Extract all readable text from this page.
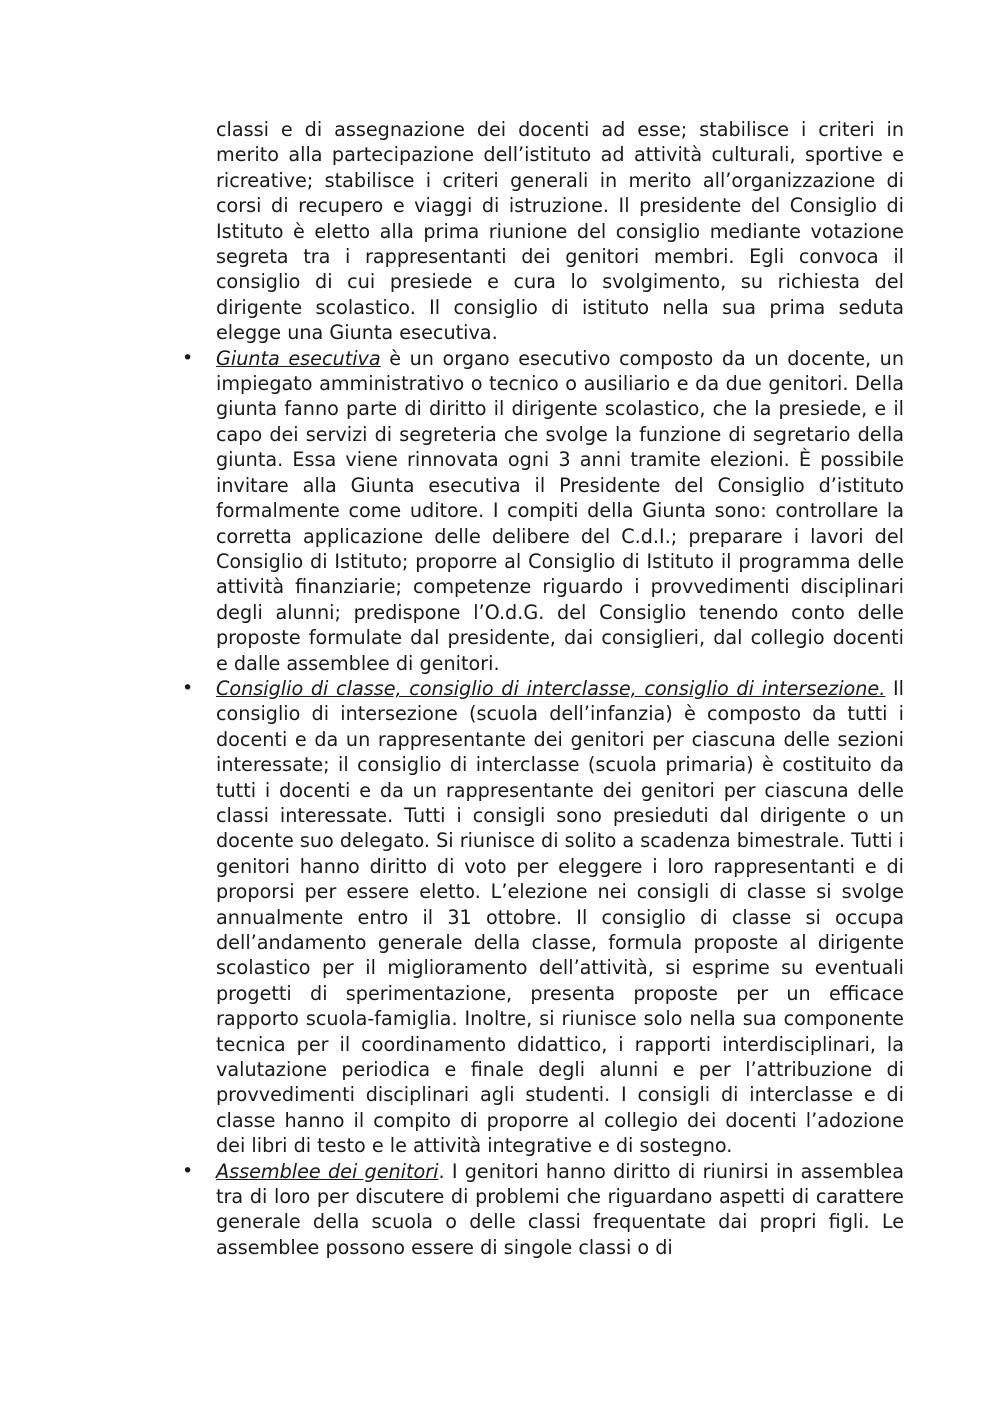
classi e di assegnazione dei docenti ad esse; stabilisce i criteri in merito alla partecipazione dell’istituto ad attività culturali, sportive e ricreative; stabilisce i criteri generali in merito all’organizzazione di corsi di recupero e viaggi di istruzione. Il presidente del Consiglio di Istituto è eletto alla prima riunione del consiglio mediante votazione segreta tra i rappresentanti dei genitori membri. Egli convoca il consiglio di cui presiede e cura lo svolgimento, su richiesta del dirigente scolastico. Il consiglio di istituto nella sua prima seduta elegge una Giunta esecutiva.

• Giunta esecutiva è un organo esecutivo composto da un docente, un impiegato amministrativo o tecnico o ausiliario e da due genitori. Della giunta fanno parte di diritto il dirigente scolastico, che la presiede, e il capo dei servizi di segreteria che svolge la funzione di segretario della giunta. Essa viene rinnovata ogni 3 anni tramite elezioni. È possibile invitare alla Giunta esecutiva il Presidente del Consiglio d’istituto formalmente come uditore. I compiti della Giunta sono: controllare la corretta applicazione delle delibere del C.d.I.; preparare i lavori del Consiglio di Istituto; proporre al Consiglio di Istituto il programma delle attività finanziarie; competenze riguardo i provvedimenti disciplinari degli alunni; predispone l’O.d.G. del Consiglio tenendo conto delle proposte formulate dal presidente, dai consiglieri, dal collegio docenti e dalle assemblee di genitori.

• Consiglio di classe, consiglio di interclasse, consiglio di intersezione. Il consiglio di intersezione (scuola dell’infanzia) è composto da tutti i docenti e da un rappresentante dei genitori per ciascuna delle sezioni interessate; il consiglio di interclasse (scuola primaria) è costituito da tutti i docenti e da un rappresentante dei genitori per ciascuna delle classi interessate. Tutti i consigli sono presieduti dal dirigente o un docente suo delegato. Si riunisce di solito a scadenza bimestrale. Tutti i genitori hanno diritto di voto per eleggere i loro rappresentanti e di proporsi per essere eletto. L’elezione nei consigli di classe si svolge annualmente entro il 31 ottobre. Il consiglio di classe si occupa dell’andamento generale della classe, formula proposte al dirigente scolastico per il miglioramento dell’attività, si esprime su eventuali progetti di sperimentazione, presenta proposte per un efficace rapporto scuola-famiglia. Inoltre, si riunisce solo nella sua componente tecnica per il coordinamento didattico, i rapporti interdisciplinari, la valutazione periodica e finale degli alunni e per l’attribuzione di provvedimenti disciplinari agli studenti. I consigli di interclasse e di classe hanno il compito di proporre al collegio dei docenti l’adozione dei libri di testo e le attività integrative e di sostegno.

• Assemblee dei genitori. I genitori hanno diritto di riunirsi in assemblea tra di loro per discutere di problemi che riguardano aspetti di carattere generale della scuola o delle classi frequentate dai propri figli. Le assemblee possono essere di singole classi o di
